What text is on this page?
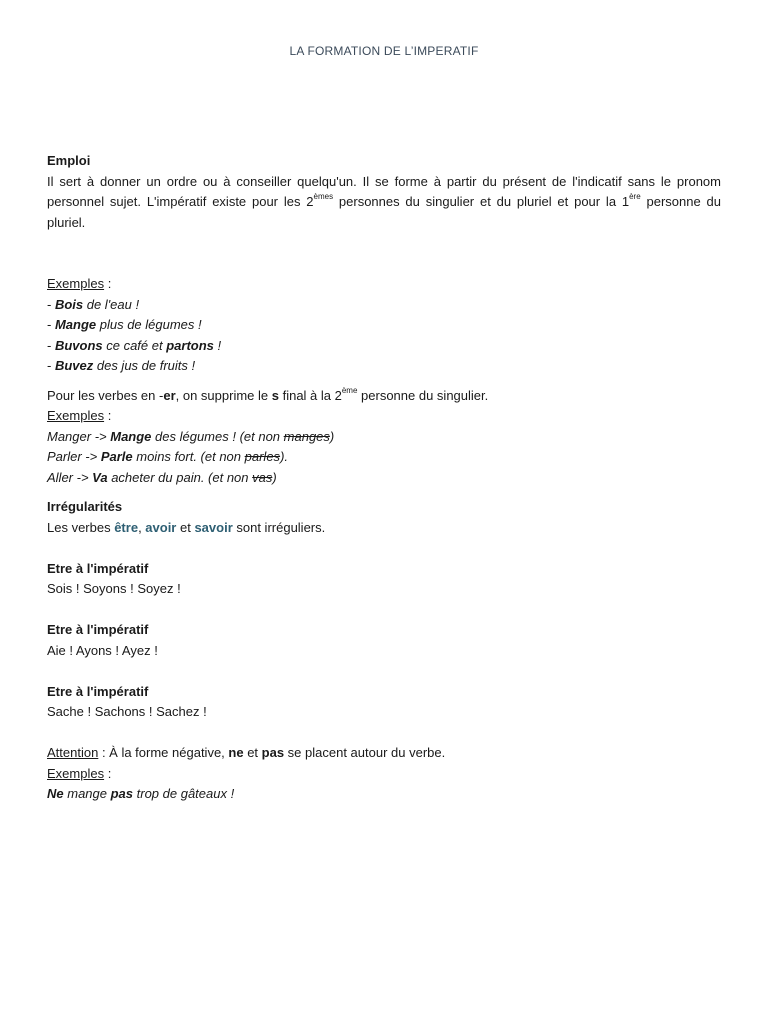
LA FORMATION DE L’IMPERATIF

Emploi

Il sert à donner un ordre ou à conseiller quelqu'un. Il se forme à partir du présent de l'indicatif sans le pronom personnel sujet. L'impératif existe pour les 2èmes personnes du singulier et du pluriel et pour la 1ère personne du pluriel.

Exemples :

- Bois de l'eau !

- Mange plus de légumes !

- Buvons ce café et partons !

- Buvez des jus de fruits !

Pour les verbes en -er, on supprime le s final à la 2ème personne du singulier.

Exemples :

Manger -> Mange des légumes ! (et non manges)

Parler -> Parle moins fort. (et non parles).

Aller -> Va acheter du pain. (et non vas)

Irrégularités

Les verbes être, avoir et savoir sont irréguliers.

Etre à l'impératif

Sois ! Soyons ! Soyez !

Etre à l'impératif

Aie ! Ayons ! Ayez !

Etre à l'impératif

Sache ! Sachons ! Sachez !

Attention : À la forme négative, ne et pas se placent autour du verbe.

Exemples :

Ne mange pas trop de gâteaux !
